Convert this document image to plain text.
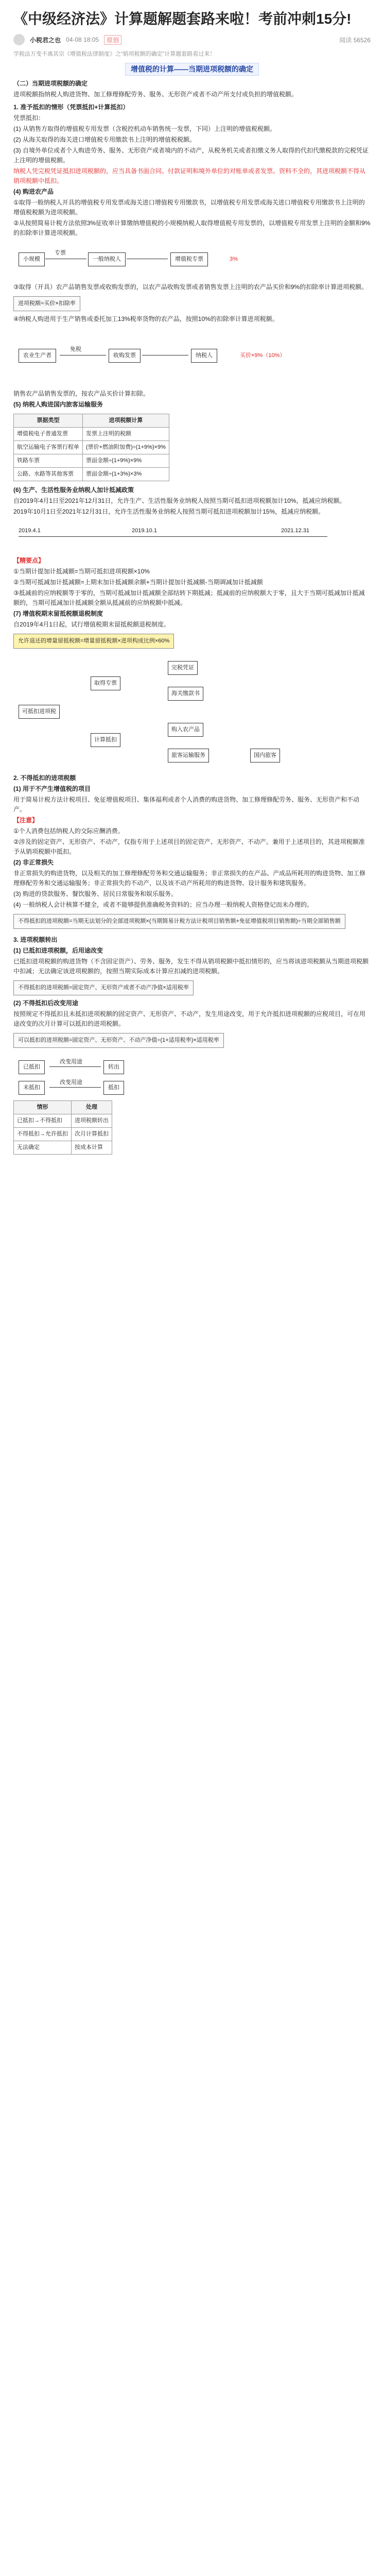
《中级经济法》计算题解题套路来啦！考前冲刺15分!
小税君之也 04-08 18:05	原创	阅读 56526
学税法万变不离其宗《增值税法律制度》之“销项税额的确定”计算题套路看过来！
增值税的计算——当期进项税额的确定
（二）当期进项税额的确定
进项税额指纳税人购进货物、加工修理修配劳务、服务、无形资产或者不动产所支付或负担的增值税额。
1. 准予抵扣的情形（凭票抵扣+计算抵扣）
凭票抵扣：
(1) 从销售方取得的增值税专用发票（含税控机动车销售统一发票，下同）上注明的增值税税额。
(2) 从海关取得的海关进口增值税专用缴款书上注明的增值税税额。
(3) 自境外单位或者个人购进劳务、服务、无形资产或者境内的不动产，从税务机关或者扣缴义务人取得的代扣代缴税款的完税凭证上注明的增值税额。
纳税人凭完税凭证抵扣进项税额的，应当具备书面合同、付款证明和境外单位的对账单或者发票。资料不全的，其进项税额不得从销项税额中抵扣。
(4) 购进农产品
①取得一般纳税人开具的增值税专用发票或海关进口增值税专用缴款书，以增值税专用发票或海关进口增值税专用缴款书上注明的增值税税额为进项税额。
②从按照简易计税方法依照3%征收率计算缴纳增值税的小规模纳税人取得增值税专用发票的，以增值税专用发票上注明的金额和9%的扣除率计算进项税额。
小规模
专票
一般纳税人	增值税专票	3%
③取得（开具）农产品销售发票或收购发票的，以农产品收购发票或者销售发票上注明的农产品买价和9%的扣除率计算进项税额。
进项税额=买价×扣除率
④纳税人购进用于生产销售或委托加工13%税率货物的农产品，按照10%的扣除率计算进项税额。
农业生产者
免税
收购发票	纳税人	买价×9%（10%）
销售农产品销售发票的，按农产品买价计算扣除。
(5) 纳税人购进国内旅客运输服务
票据类型	进项税额计算
增值税电子普通发票	发票上注明的税额
航空运输电子客票行程单	(票价+燃油附加费)÷(1+9%)×9%
铁路车票	票面金额÷(1+9%)×9%
公路、水路等其他客票	票面金额÷(1+3%)×3%
(6) 生产、生活性服务业纳税人加计抵减政策
自2019年4月1日至2021年12月31日，允许生产、生活性服务业纳税人按照当期可抵扣进项税额加计10%，抵减应纳税额。
2019年10月1日至2021年12月31日，允许生活性服务业纳税人按照当期可抵扣进项税额加计15%，抵减应纳税额。
2019.4.1	2019.10.1	2021.12.31
【精要点】
①当期计提加计抵减额=当期可抵扣进项税额×10%
②当期可抵减加计抵减额=上期末加计抵减额余额+当期计提加计抵减额-当期调减加计抵减额
③抵减前的应纳税额等于零的，当期可抵减加计抵减额全部结转下期抵减；抵减前的应纳税额大于零，且大于当期可抵减加计抵减额的，当期可抵减加计抵减额全额从抵减前的应纳税额中抵减。
(7) 增值税期末留抵税额退税制度
自2019年4月1日起，试行增值税期末留抵税额退税制度。
允许退还的增量留抵税额=增量留抵税额×进项构成比例×60%
可抵扣进项税
取得专票
计算抵扣
完税凭证
海关缴款书
购入农产品
旅客运输服务	国内旅客
2. 不得抵扣的进项税额
(1) 用于不产生增值税的项目
用于简易计税方法计税项目、免征增值税项目、集体福利或者个人消费的购进货物、加工修理修配劳务、服务、无形资产和不动产。
【注意】
①个人消费包括纳税人的交际应酬消费。
②涉及的固定资产、无形资产、不动产，仅指专用于上述项目的固定资产、无形资产、不动产。兼用于上述项目的，其进项税额准予从销项税额中抵扣。
(2) 非正常损失
非正常损失的购进货物，以及相关的加工修理修配劳务和交通运输服务；非正常损失的在产品、产成品所耗用的购进货物、加工修理修配劳务和交通运输服务；非正常损失的不动产，以及该不动产所耗用的购进货物、设计服务和建筑服务。
(3) 购进的贷款服务、餐饮服务、居民日常服务和娱乐服务。
(4) 一般纳税人会计核算不健全，或者不能够提供准确税务资料的；应当办理一般纳税人资格登记而未办理的。
不得抵扣的进项税额=当期无法划分的全部进项税额×(当期简易计税方法计税项目销售额+免征增值税项目销售额)÷当期全部销售额
3. 进项税额转出
(1) 已抵扣进项税额，后用途改变
已抵扣进项税额的购进货物（不含固定资产）、劳务、服务，发生不得从销项税额中抵扣情形的，应当将该进项税额从当期进项税额中扣减；无法确定该进项税额的，按照当期实际成本计算应扣减的进项税额。
不得抵扣的进项税额=固定资产、无形资产或者不动产净值×适用税率
(2) 不得抵扣后改变用途
按照规定不得抵扣且未抵扣进项税额的固定资产、无形资产、不动产，发生用途改变，用于允许抵扣进项税额的应税项目，可在用途改变的次月计算可以抵扣的进项税额。
可以抵扣的进项税额=固定资产、无形资产、不动产净值÷(1+适用税率)×适用税率
已抵扣
改变用途
转出
未抵扣
改变用途
抵扣
情形	处理
已抵扣→不得抵扣	进项税额转出
不得抵扣→允许抵扣	次月计算抵扣
无法确定	按成本计算
